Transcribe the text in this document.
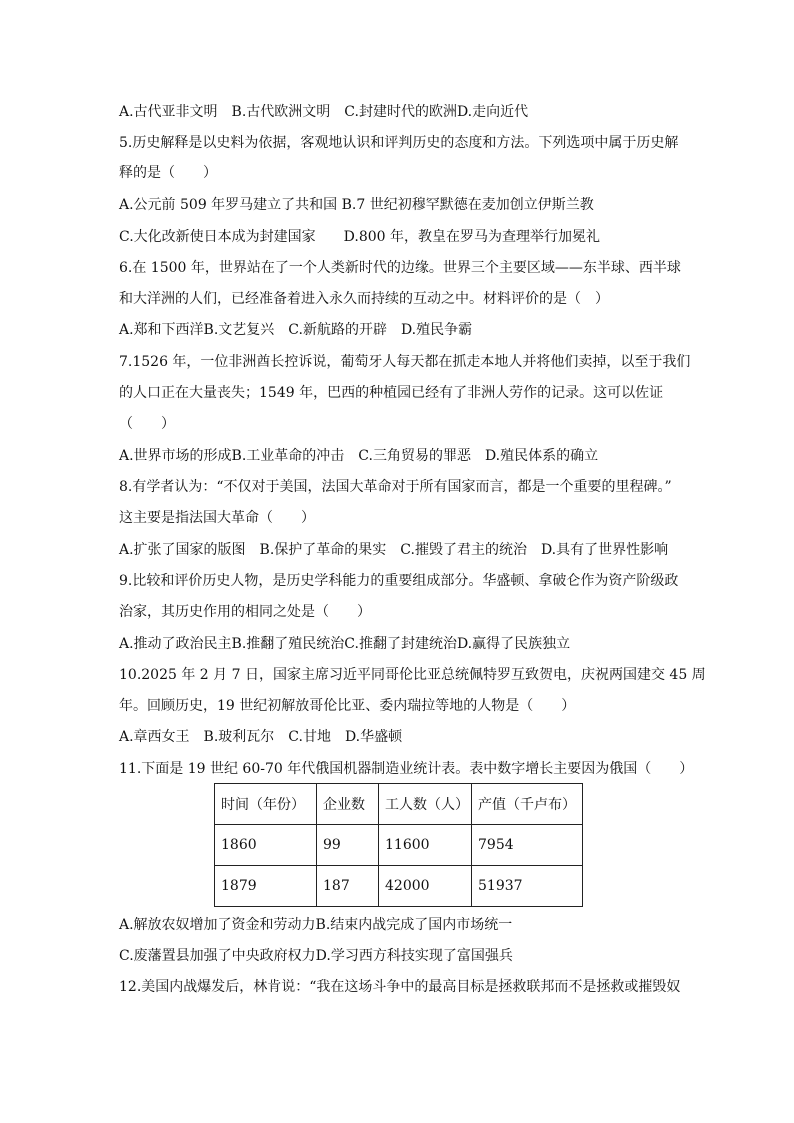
A.古代亚非文明　B.古代欧洲文明　C.封建时代的欧洲D.走向近代
5.历史解释是以史料为依据，客观地认识和评判历史的态度和方法。下列选项中属于历史解
释的是（　　）
A.公元前 509 年罗马建立了共和国 B.7 世纪初穆罕默德在麦加创立伊斯兰教
C.大化改新使日本成为封建国家　　D.800 年，教皇在罗马为查理举行加冕礼
6.在 1500 年，世界站在了一个人类新时代的边缘。世界三个主要区域——东半球、西半球
和大洋洲的人们，已经准备着进入永久而持续的互动之中。材料评价的是（　）
A.郑和下西洋B.文艺复兴　C.新航路的开辟　D.殖民争霸
7.1526 年，一位非洲酋长控诉说，葡萄牙人每天都在抓走本地人并将他们卖掉，以至于我们
的人口正在大量丧失；1549 年，巴西的种植园已经有了非洲人劳作的记录。这可以佐证
（　　）
A.世界市场的形成B.工业革命的冲击　C.三角贸易的罪恶　D.殖民体系的确立
8.有学者认为：“不仅对于美国，法国大革命对于所有国家而言，都是一个重要的里程碑。”
这主要是指法国大革命（　　）
A.扩张了国家的版图　B.保护了革命的果实　C.摧毁了君主的统治　D.具有了世界性影响
9.比较和评价历史人物，是历史学科能力的重要组成部分。华盛顿、拿破仑作为资产阶级政
治家，其历史作用的相同之处是（　　）
A.推动了政治民主B.推翻了殖民统治C.推翻了封建统治D.赢得了民族独立
10.2025 年 2 月 7 日，国家主席习近平同哥伦比亚总统佩特罗互致贺电，庆祝两国建交 45 周
年。回顾历史，19 世纪初解放哥伦比亚、委内瑞拉等地的人物是（　　）
A.章西女王　B.玻利瓦尔　C.甘地　D.华盛顿
11.下面是 19 世纪 60-70 年代俄国机器制造业统计表。表中数字增长主要因为俄国（　　）
时间（年份）	企业数	工人数（人）	产值（千卢布）
1860	99	11600	7954
1879	187	42000	51937
A.解放农奴增加了资金和劳动力B.结束内战完成了国内市场统一
C.废藩置县加强了中央政府权力D.学习西方科技实现了富国强兵
12.美国内战爆发后，林肯说：“我在这场斗争中的最高目标是拯救联邦而不是拯救或摧毁奴
